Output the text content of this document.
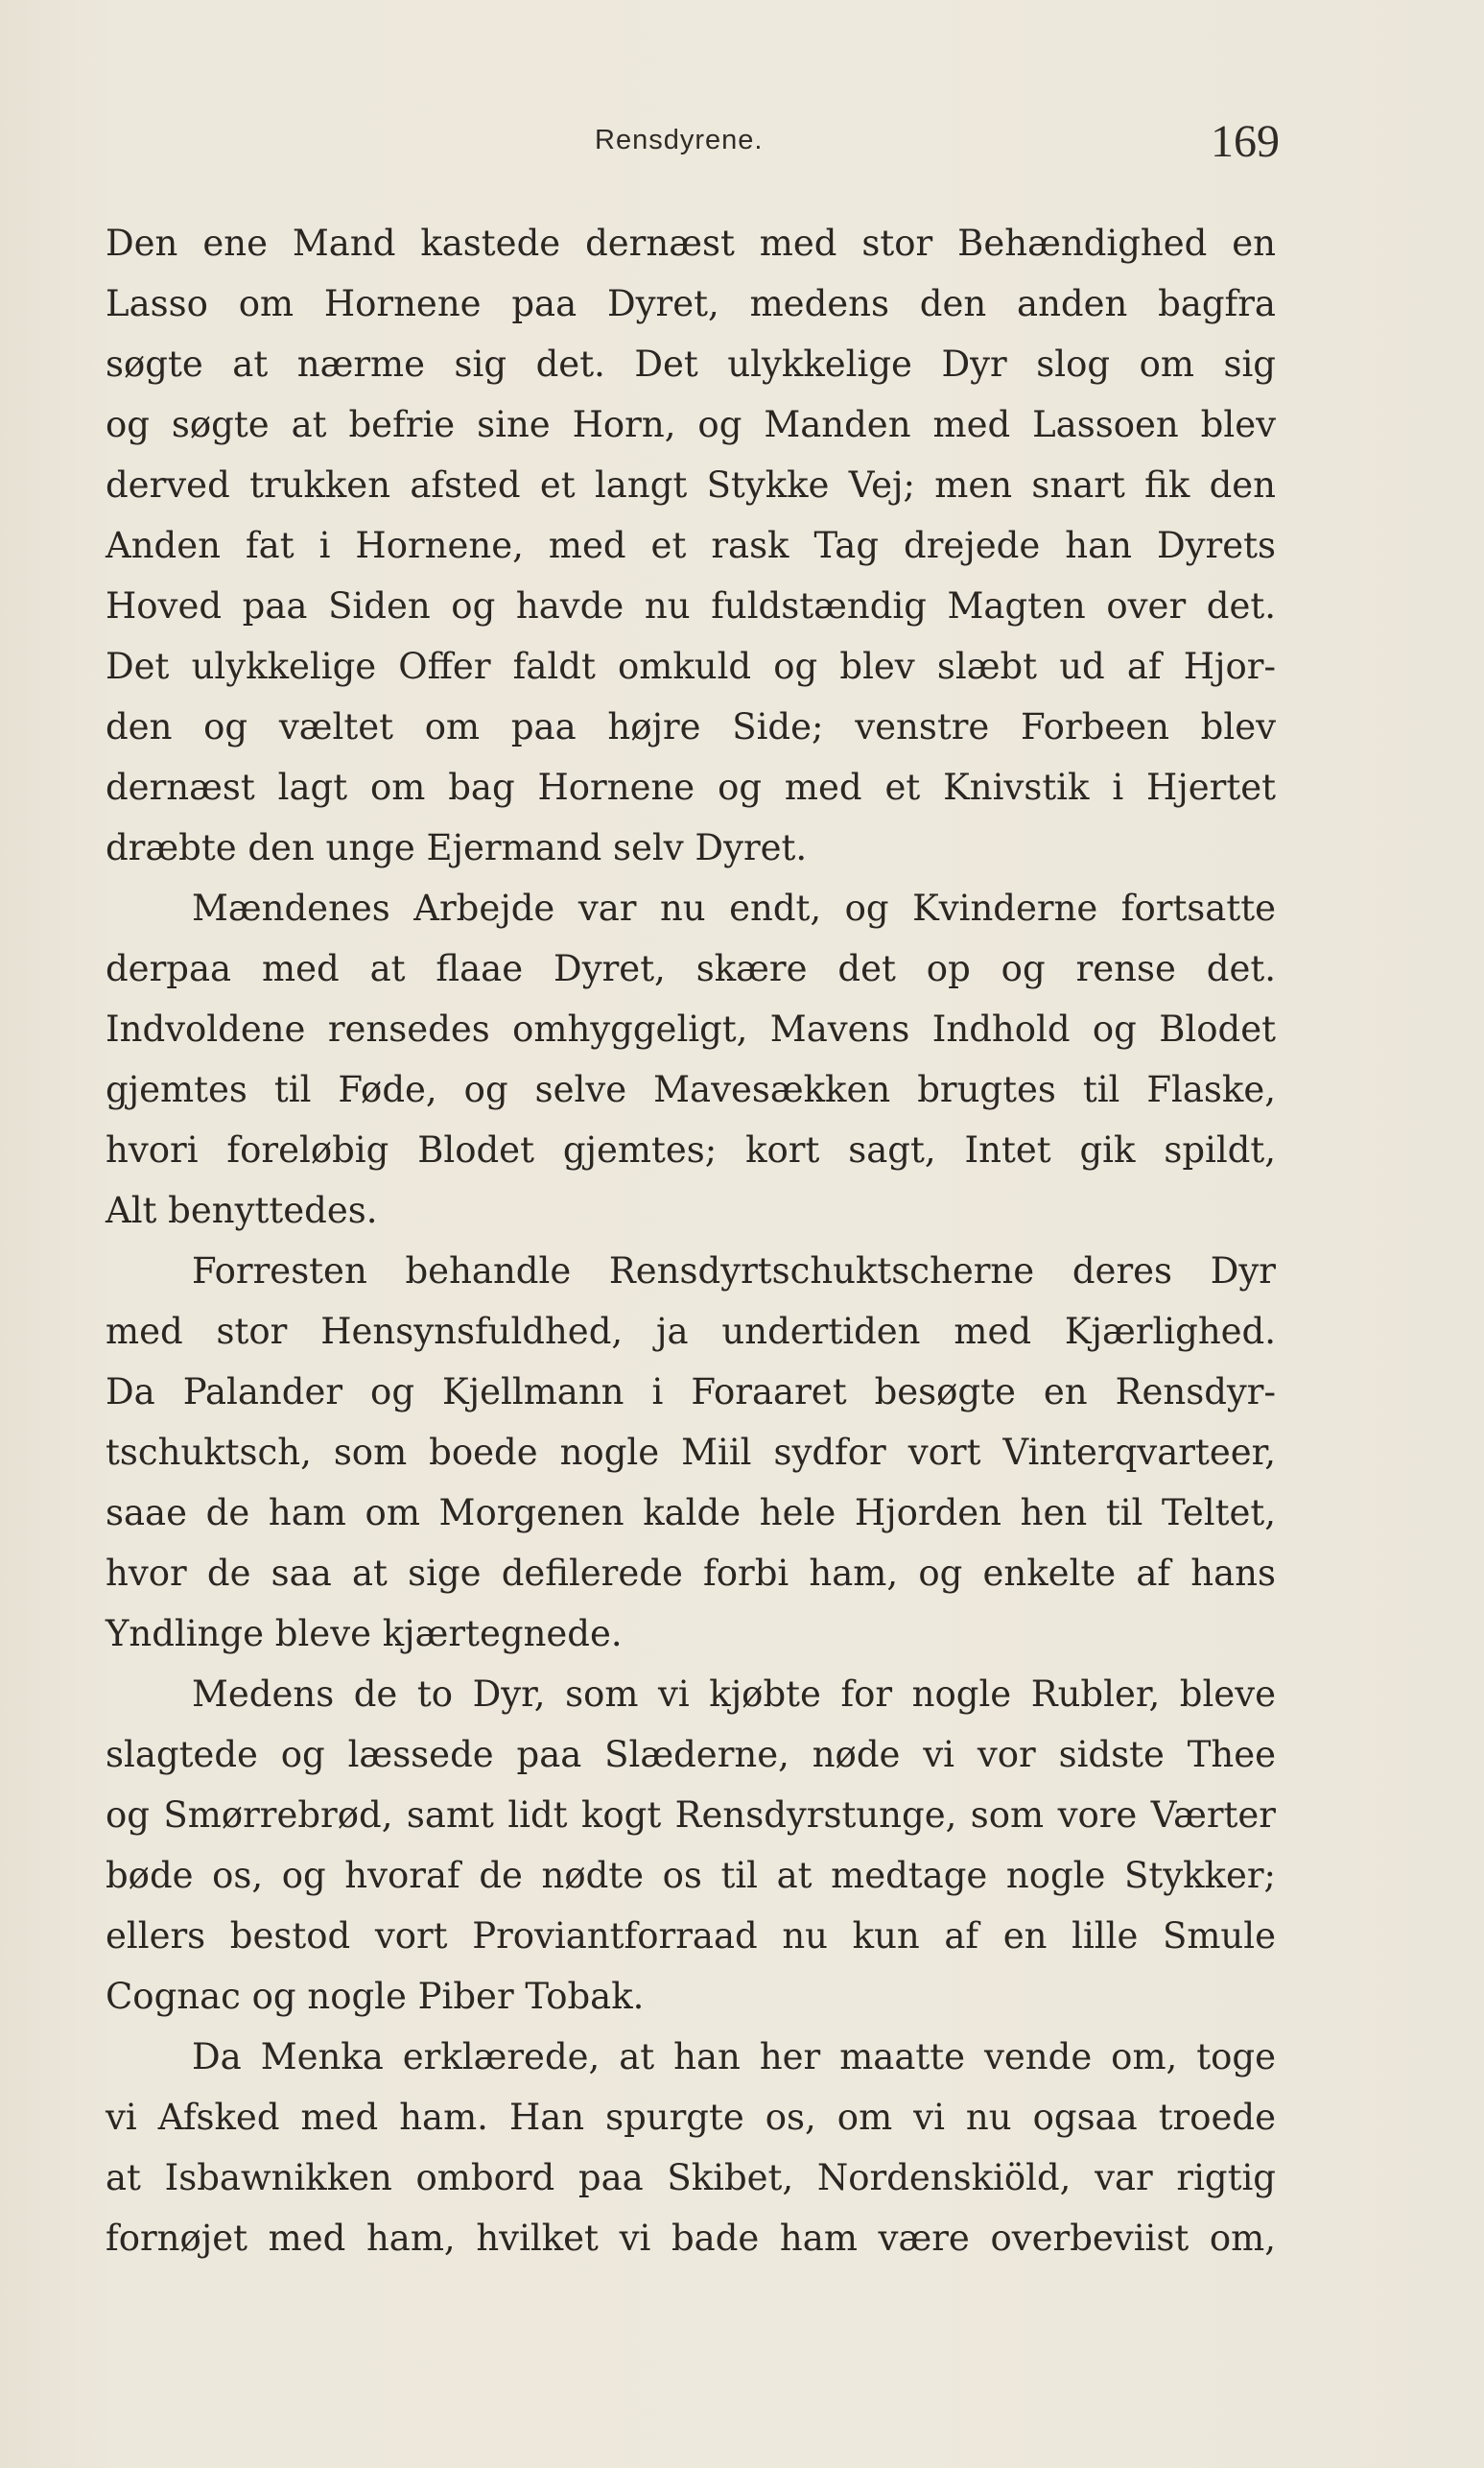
Rensdyrene.	169
Den ene Mand kastede dernæst med stor Behændighed en
Lasso om Hornene paa Dyret, medens den anden bagfra
søgte at nærme sig det. Det ulykkelige Dyr slog om sig
og søgte at befrie sine Horn, og Manden med Lassoen blev
derved trukken afsted et langt Stykke Vej; men snart fik den
Anden fat i Hornene, med et rask Tag drejede han Dyrets
Hoved paa Siden og havde nu fuldstændig Magten over det.
Det ulykkelige Offer faldt omkuld og blev slæbt ud af Hjor-
den og væltet om paa højre Side; venstre Forbeen blev
dernæst lagt om bag Hornene og med et Knivstik i Hjertet
dræbte den unge Ejermand selv Dyret.
Mændenes Arbejde var nu endt, og Kvinderne fortsatte
derpaa med at flaae Dyret, skære det op og rense det.
Indvoldene rensedes omhyggeligt, Mavens Indhold og Blodet
gjemtes til Føde, og selve Mavesækken brugtes til Flaske,
hvori foreløbig Blodet gjemtes; kort sagt, Intet gik spildt,
Alt benyttedes.
Forresten behandle Rensdyrtschuktscherne deres Dyr
med stor Hensynsfuldhed, ja undertiden med Kjærlighed.
Da Palander og Kjellmann i Foraaret besøgte en Rensdyr-
tschuktsch, som boede nogle Miil sydfor vort Vinterqvarteer,
saae de ham om Morgenen kalde hele Hjorden hen til Teltet,
hvor de saa at sige defilerede forbi ham, og enkelte af hans
Yndlinge bleve kjærtegnede.
Medens de to Dyr, som vi kjøbte for nogle Rubler, bleve
slagtede og læssede paa Slæderne, nøde vi vor sidste Thee
og Smørrebrød, samt lidt kogt Rensdyrstunge, som vore Værter
bøde os, og hvoraf de nødte os til at medtage nogle Stykker;
ellers bestod vort Proviantforraad nu kun af en lille Smule
Cognac og nogle Piber Tobak.
Da Menka erklærede, at han her maatte vende om, toge
vi Afsked med ham. Han spurgte os, om vi nu ogsaa troede
at Isbawnikken ombord paa Skibet, Nordenskiöld, var rigtig
fornøjet med ham, hvilket vi bade ham være overbeviist om,
